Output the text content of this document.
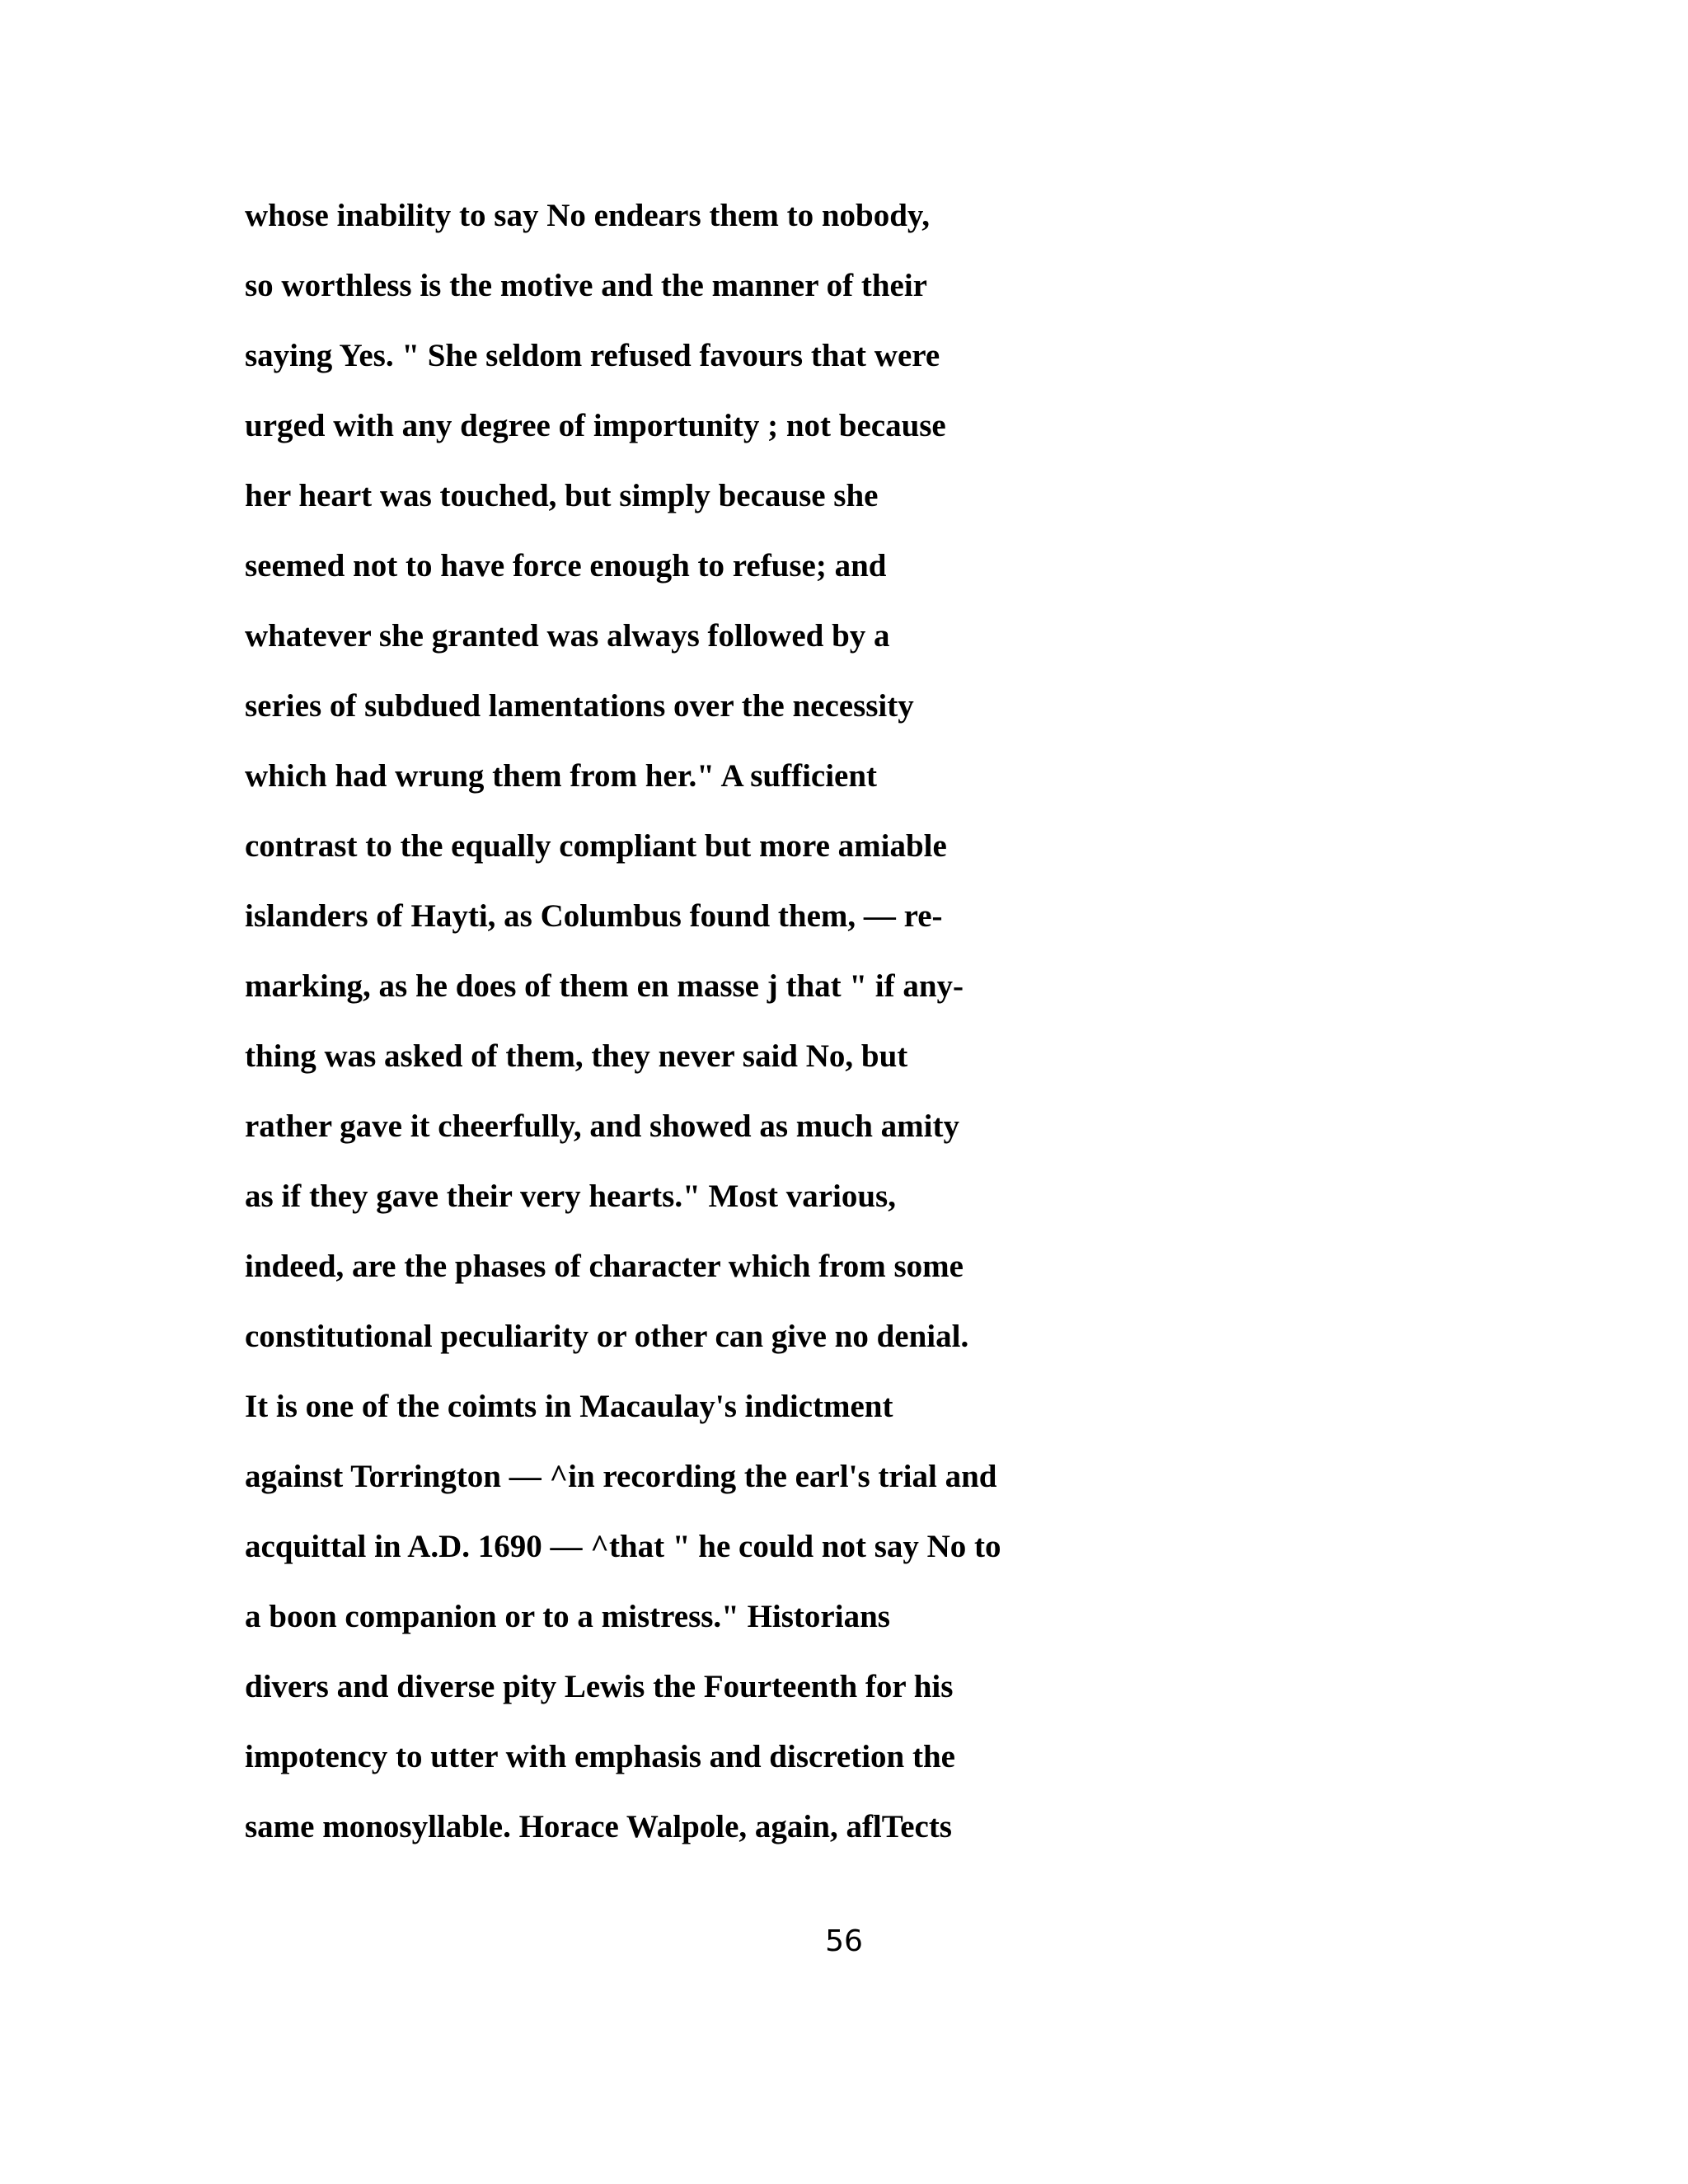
whose inability to say No endears them to nobody,
so worthless is the motive and the manner of their
saying Yes. " She seldom refused favours that were
urged with any degree of importunity ; not because
her heart was touched, but simply because she
seemed not to have force enough to refuse; and
whatever she granted was always followed by a
series of subdued lamentations over the necessity
which had wrung them from her." A sufficient
contrast to the equally compliant but more amiable
islanders of Hayti, as Columbus found them, — re-
marking, as he does of them en masse j that " if any-
thing was asked of them, they never said No, but
rather gave it cheerfully, and showed as much amity
as if they gave their very hearts." Most various,
indeed, are the phases of character which from some
constitutional peculiarity or other can give no denial.
It is one of the coimts in Macaulay's indictment
against Torrington — ^in recording the earl's trial and
acquittal in A.D. 1690 — ^that " he could not say No to
a boon companion or to a mistress." Historians
divers and diverse pity Lewis the Fourteenth for his
impotency to utter with emphasis and discretion the
same monosyllable. Horace Walpole, again, aflTects
56
